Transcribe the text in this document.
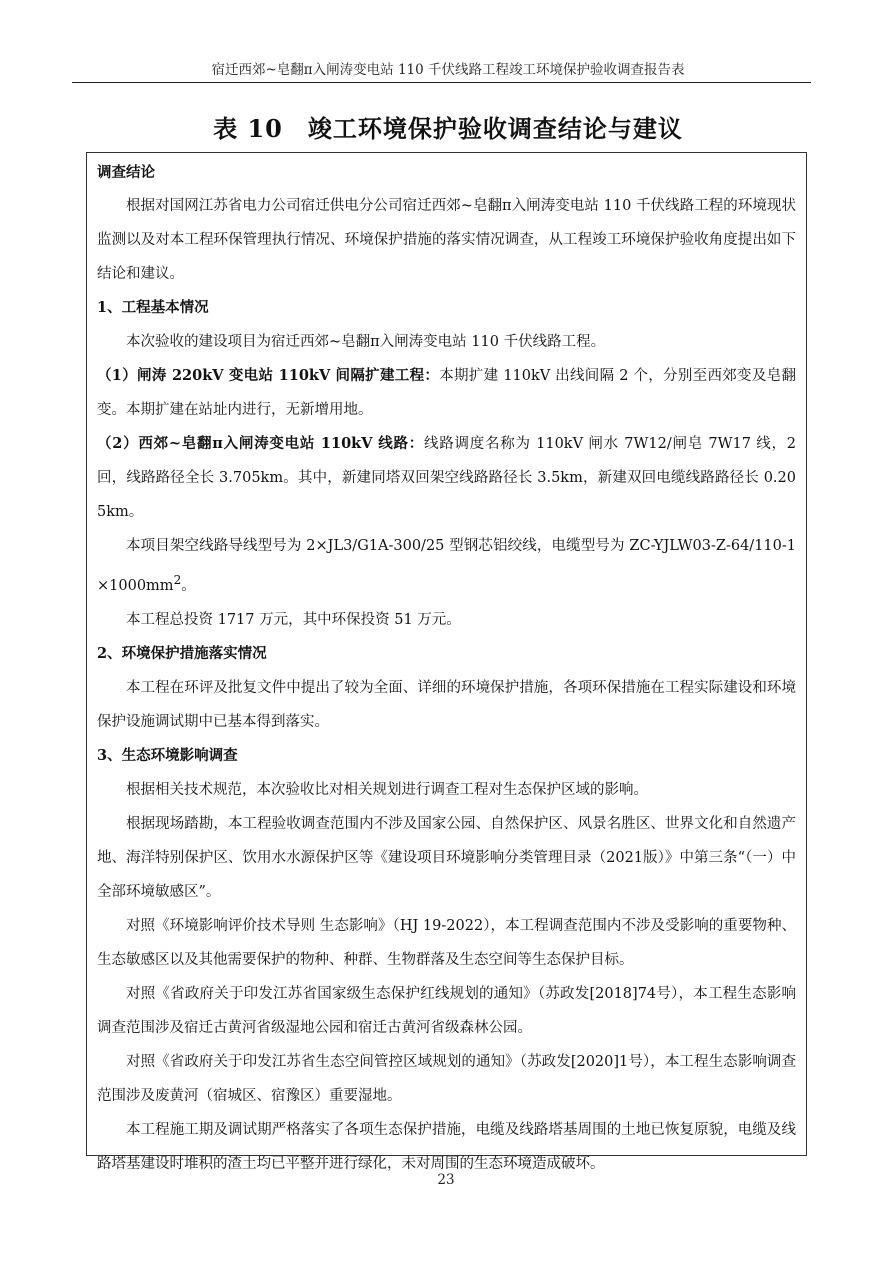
宿迁西郊~皂翻π入闸涛变电站 110 千伏线路工程竣工环境保护验收调查报告表
表 10　竣工环境保护验收调查结论与建议
调查结论

根据对国网江苏省电力公司宿迁供电分公司宿迁西郊~皂翻π入闸涛变电站 110 千伏线路工程的环境现状监测以及对本工程环保管理执行情况、环境保护措施的落实情况调查，从工程竣工环境保护验收角度提出如下结论和建议。

1、工程基本情况

本次验收的建设项目为宿迁西郊~皂翻π入闸涛变电站 110 千伏线路工程。

（1）闸涛 220kV 变电站 110kV 间隔扩建工程：本期扩建 110kV 出线间隔 2 个，分别至西郊变及皂翻变。本期扩建在站址内进行，无新增用地。

（2）西郊~皂翻π入闸涛变电站 110kV 线路：线路调度名称为 110kV 闸水 7W12/闸皂 7W17 线，2 回，线路路径全长 3.705km。其中，新建同塔双回架空线路路径长 3.5km，新建双回电缆线路路径长 0.205km。

本项目架空线路导线型号为 2×JL3/G1A-300/25 型钢芯铝绞线，电缆型号为 $ZC-YJLW03-Z-64/110-1\times 1000mm^2$。

本工程总投资 1717 万元，其中环保投资 51 万元。

2、环境保护措施落实情况

本工程在环评及批复文件中提出了较为全面、详细的环境保护措施，各项环保措施在工程实际建设和环境保护设施调试期中已基本得到落实。

3、生态环境影响调查

根据相关技术规范，本次验收比对相关规划进行调查工程对生态保护区域的影响。

根据现场踏勘，本工程验收调查范围内不涉及国家公园、自然保护区、风景名胜区、世界文化和自然遗产地、海洋特别保护区、饮用水水源保护区等《建设项目环境影响分类管理目录（2021版）》中第三条“（一）中全部环境敏感区”。

对照《环境影响评价技术导则 生态影响》（HJ 19-2022），本工程调查范围内不涉及受影响的重要物种、生态敏感区以及其他需要保护的物种、种群、生物群落及生态空间等生态保护目标。

对照《省政府关于印发江苏省国家级生态保护红线规划的通知》（苏政发[2018]74号），本工程生态影响调查范围涉及宿迁古黄河省级湿地公园和宿迁古黄河省级森林公园。

对照《省政府关于印发江苏省生态空间管控区域规划的通知》（苏政发[2020]1号），本工程生态影响调查范围涉及废黄河（宿城区、宿豫区）重要湿地。

本工程施工期及调试期严格落实了各项生态保护措施，电缆及线路塔基周围的土地已恢复原貌，电缆及线路塔基建设时堆积的渣土均已平整并进行绿化，未对周围的生态环境造成破坏。

23
